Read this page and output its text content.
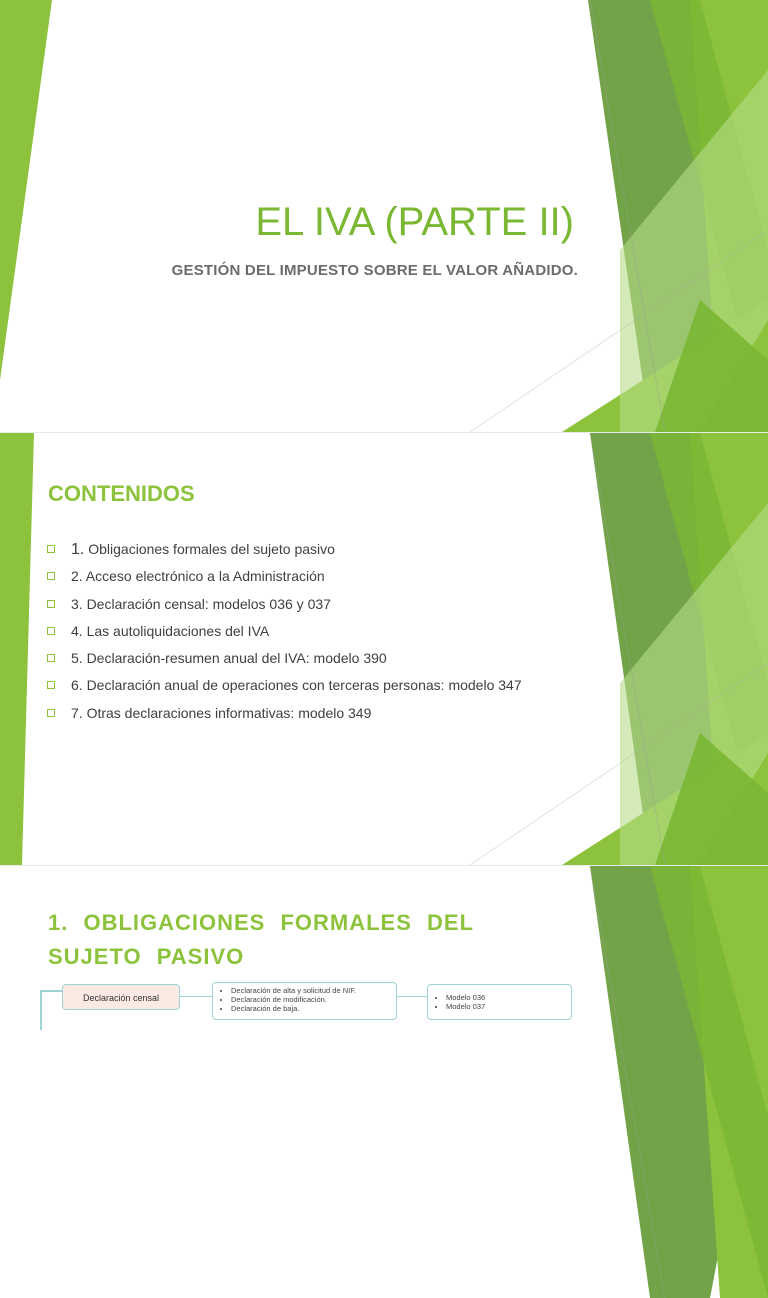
EL IVA (PARTE II)

GESTIÓN DEL IMPUESTO SOBRE EL VALOR AÑADIDO.

CONTENIDOS
1. Obligaciones formales del sujeto pasivo
2. Acceso electrónico a la Administración
3. Declaración censal: modelos 036 y 037
4. Las autoliquidaciones del IVA
5. Declaración-resumen anual del IVA: modelo 390
6. Declaración anual de operaciones con terceras personas: modelo 347
7. Otras declaraciones informativas: modelo 349
1. OBLIGACIONES FORMALES DEL SUJETO PASIVO
Declaración censal
• Declaración de alta y solicitud de NIF.
• Declaración de modificación.
• Declaración de baja.
• Modelo 036
• Modelo 037
